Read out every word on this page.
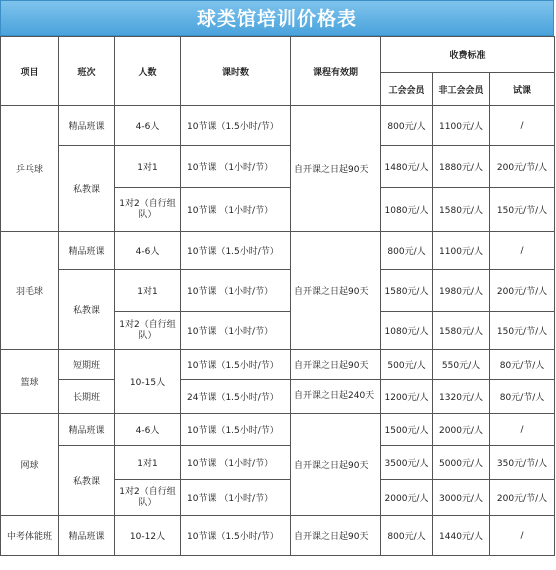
球类馆培训价格表
项目	班次	人数	课时数	课程有效期	收费标准		
					工会会员	非工会会员	试课
乒乓球	精品班课	4-6人	10节课（1.5小时/节）	自开课之日起90天	800元/人	1100元/人	/
	私教课	1对1	10节课 （1小时/节）		1480元/人	1880元/人	200元/节/人
		1对2（自行组队）	10节课 （1小时/节）		1080元/人	1580元/人	150元/节/人
羽毛球	精品班课	4-6人	10节课（1.5小时/节）	自开课之日起90天	800元/人	1100元/人	/
	私教课	1对1	10节课 （1小时/节）		1580元/人	1980元/人	200元/节/人
		1对2（自行组队）	10节课 （1小时/节）		1080元/人	1580元/人	150元/节/人
篮球	短期班	10-15人	10节课（1.5小时/节）	自开课之日起90天	500元/人	550元/人	80元/节/人
	长期班		24节课（1.5小时/节）	自开课之日起240天	1200元/人	1320元/人	80元/节/人
网球	精品班课	4-6人	10节课（1.5小时/节）	自开课之日起90天	1500元/人	2000元/人	/
	私教课	1对1	10节课 （1小时/节）		3500元/人	5000元/人	350元/节/人
		1对2（自行组队）	10节课 （1小时/节）		2000元/人	3000元/人	200元/节/人
中考体能班	精品班课	10-12人	10节课（1.5小时/节）	自开课之日起90天	800元/人	1440元/人	/
